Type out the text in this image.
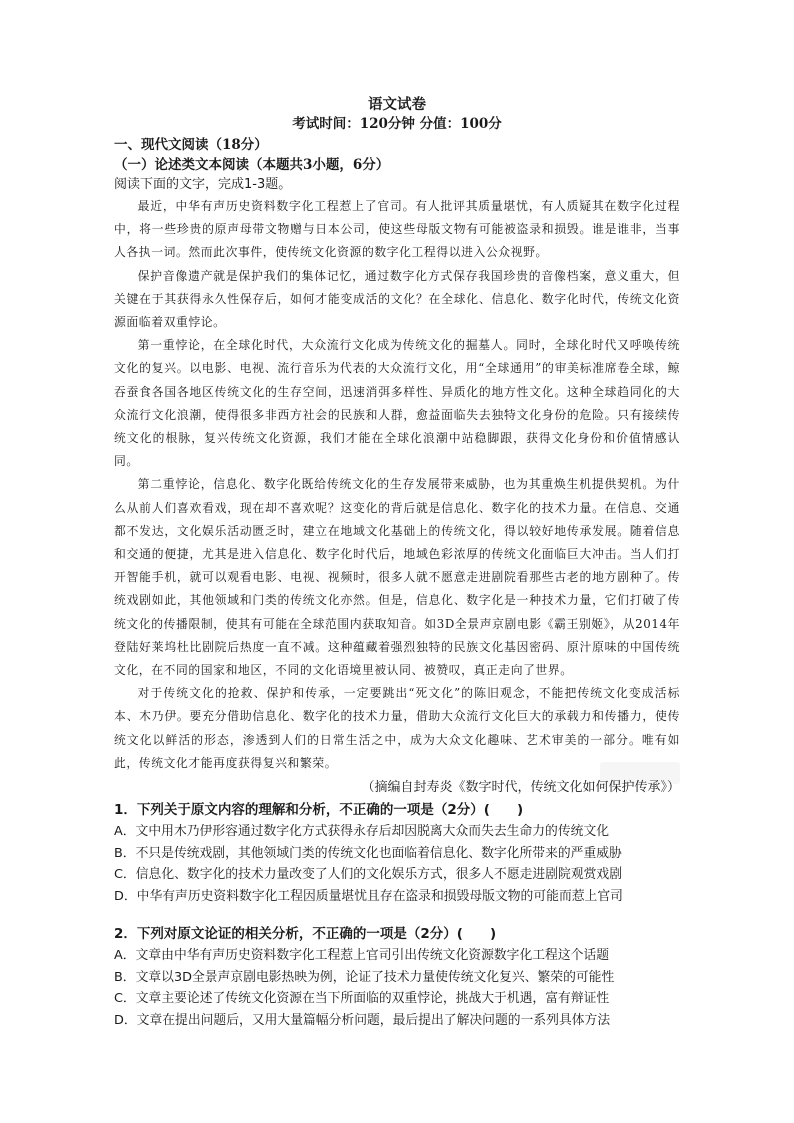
语文试卷

考试时间：120分钟 分值：100分

一、现代文阅读（18分）

（一）论述类文本阅读（本题共3小题，6分）

阅读下面的文字，完成1-3题。

最近，中华有声历史资料数字化工程惹上了官司。有人批评其质量堪忧，有人质疑其在数字化过程中，将一些珍贵的原声母带文物赠与日本公司，使这些母版文物有可能被盗录和损毁。谁是谁非，当事人各执一词。然而此次事件，使传统文化资源的数字化工程得以进入公众视野。

保护音像遗产就是保护我们的集体记忆，通过数字化方式保存我国珍贵的音像档案，意义重大，但关键在于其获得永久性保存后，如何才能变成活的文化？在全球化、信息化、数字化时代，传统文化资源面临着双重悖论。

第一重悖论，在全球化时代，大众流行文化成为传统文化的掘墓人。同时，全球化时代又呼唤传统文化的复兴。以电影、电视、流行音乐为代表的大众流行文化，用“全球通用”的审美标准席卷全球，鲸吞蚕食各国各地区传统文化的生存空间，迅速消弭多样性、异质化的地方性文化。这种全球趋同化的大众流行文化浪潮，使得很多非西方社会的民族和人群，愈益面临失去独特文化身份的危险。只有接续传统文化的根脉，复兴传统文化资源，我们才能在全球化浪潮中站稳脚跟，获得文化身份和价值情感认同。

第二重悖论，信息化、数字化既给传统文化的生存发展带来威胁，也为其重焕生机提供契机。为什么从前人们喜欢看戏，现在却不喜欢呢？这变化的背后就是信息化、数字化的技术力量。在信息、交通都不发达，文化娱乐活动匮乏时，建立在地域文化基础上的传统文化，得以较好地传承发展。随着信息和交通的便捷，尤其是进入信息化、数字化时代后，地域色彩浓厚的传统文化面临巨大冲击。当人们打开智能手机，就可以观看电影、电视、视频时，很多人就不愿意走进剧院看那些古老的地方剧种了。传统戏剧如此，其他领域和门类的传统文化亦然。但是，信息化、数字化是一种技术力量，它们打破了传统文化的传播限制，使其有可能在全球范围内获取知音。如3D全景声京剧电影《霸王别姬》，从2014年登陆好莱坞杜比剧院后热度一直不减。这种蕴藏着强烈独特的民族文化基因密码、原汁原味的中国传统文化，在不同的国家和地区，不同的文化语境里被认同、被赞叹，真正走向了世界。

对于传统文化的抢救、保护和传承，一定要跳出“死文化”的陈旧观念，不能把传统文化变成活标本、木乃伊。要充分借助信息化、数字化的技术力量，借助大众流行文化巨大的承载力和传播力，使传统文化以鲜活的形态，渗透到人们的日常生活之中，成为大众文化趣味、艺术审美的一部分。唯有如此，传统文化才能再度获得复兴和繁荣。

（摘编自封寿炎《数字时代，传统文化如何保护传承》）

1．下列关于原文内容的理解和分析，不正确的一项是（2分）(　　)

A．文中用木乃伊形容通过数字化方式获得永存后却因脱离大众而失去生命力的传统文化

B．不只是传统戏剧，其他领域门类的传统文化也面临着信息化、数字化所带来的严重威胁

C．信息化、数字化的技术力量改变了人们的文化娱乐方式，很多人不愿走进剧院观赏戏剧

D．中华有声历史资料数字化工程因质量堪忧且存在盗录和损毁母版文物的可能而惹上官司

2．下列对原文论证的相关分析，不正确的一项是（2分）(　　)

A．文章由中华有声历史资料数字化工程惹上官司引出传统文化资源数字化工程这个话题

B．文章以3D全景声京剧电影热映为例，论证了技术力量使传统文化复兴、繁荣的可能性

C．文章主要论述了传统文化资源在当下所面临的双重悖论，挑战大于机遇，富有辩证性

D．文章在提出问题后，又用大量篇幅分析问题，最后提出了解决问题的一系列具体方法
